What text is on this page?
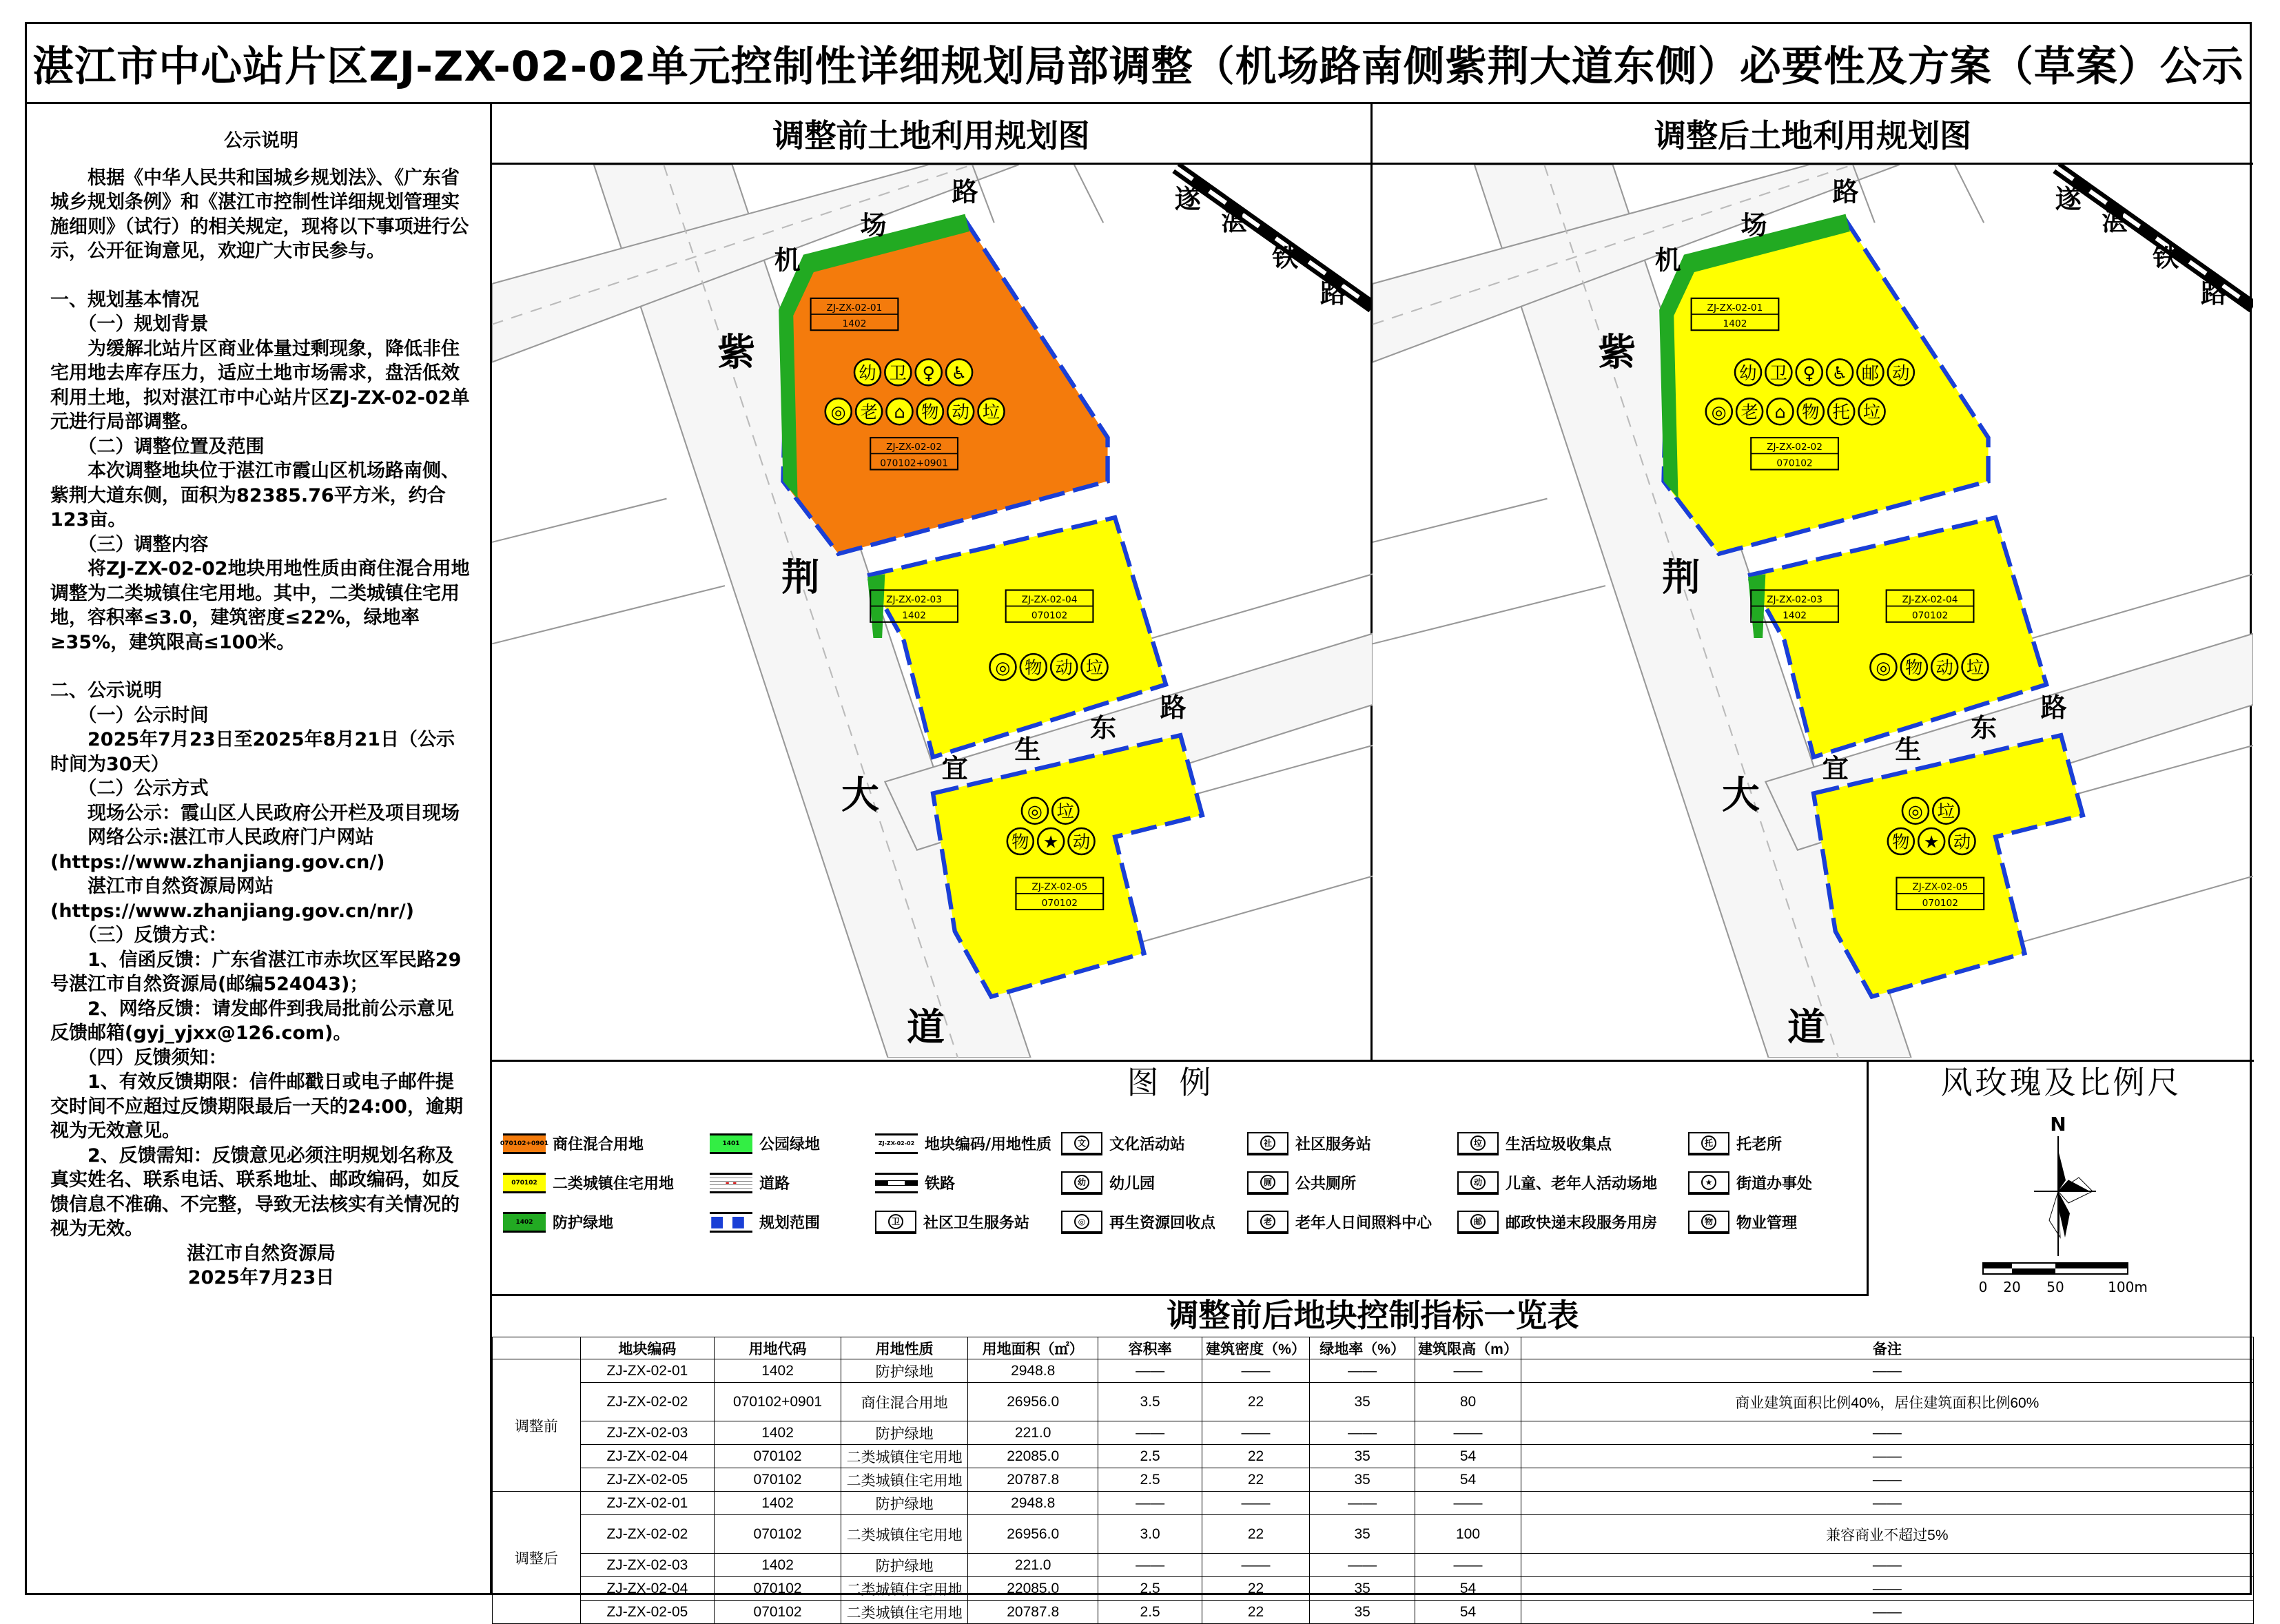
湛江市中心站片区ZJ-ZX-02-02单元控制性详细规划局部调整（机场路南侧紫荆大道东侧）必要性及方案（草案）公示
公示说明

根据《中华人民共和国城乡规划法》、《广东省城乡规划条例》和《湛江市控制性详细规划管理实施细则》（试行）的相关规定，现将以下事项进行公示，公开征询意见，欢迎广大市民参与。

一、规划基本情况

（一）规划背景

为缓解北站片区商业体量过剩现象，降低非住宅用地去库存压力，适应土地市场需求，盘活低效利用土地，拟对湛江市中心站片区ZJ-ZX-02-02单元进行局部调整。

（二）调整位置及范围

本次调整地块位于湛江市霞山区机场路南侧、紫荆大道东侧，面积为82385.76平方米，约合123亩。

（三）调整内容

将ZJ-ZX-02-02地块用地性质由商住混合用地调整为二类城镇住宅用地。其中，二类城镇住宅用地，容积率≤3.0，建筑密度≤22%，绿地率≥35%，建筑限高≤100米。

二、公示说明

（一）公示时间

2025年7月23日至2025年8月21日（公示时间为30天）

（二）公示方式

现场公示：霞山区人民政府公开栏及项目现场

网络公示:湛江市人民政府门户网站(https://www.zhanjiang.gov.cn/)

湛江市自然资源局网站(https://www.zhanjiang.gov.cn/nr/)

（三）反馈方式：

1、信函反馈：广东省湛江市赤坎区军民路29号湛江市自然资源局(邮编524043)；

2、网络反馈：请发邮件到我局批前公示意见反馈邮箱(gyj_yjxx@126.com)。

（四）反馈须知：

1、有效反馈期限：信件邮戳日或电子邮件提交时间不应超过反馈期限最后一天的24:00，逾期视为无效意见。

2、反馈需知：反馈意见必须注明规划名称及真实姓名、联系电话、联系地址、邮政编码，如反馈信息不准确、不完整，导致无法核实有关情况的视为无效。

湛江市自然资源局

2025年7月23日

调整前土地利用规划图
ZJ-ZX-02-01
1402
ZJ-ZX-02-02
070102+0901
ZJ-ZX-02-03
1402
ZJ-ZX-02-04
070102
ZJ-ZX-02-05
070102
幼 卫 ♀ ♿
◎ 老 ⌂ 物 动 垃
◎ 物 动 垃
◎ 垃
物 ★ 动
机
场
路
紫
荆
大
道
遂
湛
铁
路
宜
生
东
路
调整后土地利用规划图
ZJ-ZX-02-01
1402
ZJ-ZX-02-02
070102
ZJ-ZX-02-03
1402
ZJ-ZX-02-04
070102
ZJ-ZX-02-05
070102
幼 卫 ♀ ♿ 邮 动
◎ 老 ⌂ 物 托 垃
◎ 物 动 垃
◎ 垃
物 ★ 动
机
场
路
紫
荆
大
道
遂
湛
铁
路
宜
生
东
路
图例
070102+0901 商住混合用地	1401	公园绿地	ZJ-ZX-02-02 地块编码/用地性质	文 文化活动站	社 社区服务站	垃 生活垃圾收集点	托 托老所
070102	二类城镇住宅用地	- - 道路	铁路	幼 幼儿园	厕 公共厕所	动 儿童、老年人活动场地	★ 街道办事处
1402	防护绿地	■■ 规划范围	卫 社区卫生服务站	◎ 再生资源回收点	老 老年人日间照料中心	邮 邮政快递末段服务用房	物 物业管理
风玫瑰及比例尺
N
0 20 50	100m
调整前后地块控制指标一览表
	地块编码	用地代码	用地性质	用地面积（㎡）	容积率	建筑密度（%）	绿地率（%）	建筑限高（m）	备注
调整前	ZJ-ZX-02-01	1402	防护绿地	2948.8	——	——	——	——	——
	ZJ-ZX-02-02	070102+0901	商住混合用地	26956.0	3.5	22	35	80	商业建筑面积比例40%，居住建筑面积比例60%
	ZJ-ZX-02-03	1402	防护绿地	221.0	——	——	——	——	——
	ZJ-ZX-02-04	070102	二类城镇住宅用地	22085.0	2.5	22	35	54	——
	ZJ-ZX-02-05	070102	二类城镇住宅用地	20787.8	2.5	22	35	54	——
调整后	ZJ-ZX-02-01	1402	防护绿地	2948.8	——	——	——	——	——
	ZJ-ZX-02-02	070102	二类城镇住宅用地	26956.0	3.0	22	35	100	兼容商业不超过5%
	ZJ-ZX-02-03	1402	防护绿地	221.0	——	——	——	——	——
	ZJ-ZX-02-04	070102	二类城镇住宅用地	22085.0	2.5	22	35	54	——
	ZJ-ZX-02-05	070102	二类城镇住宅用地	20787.8	2.5	22	35	54	——
